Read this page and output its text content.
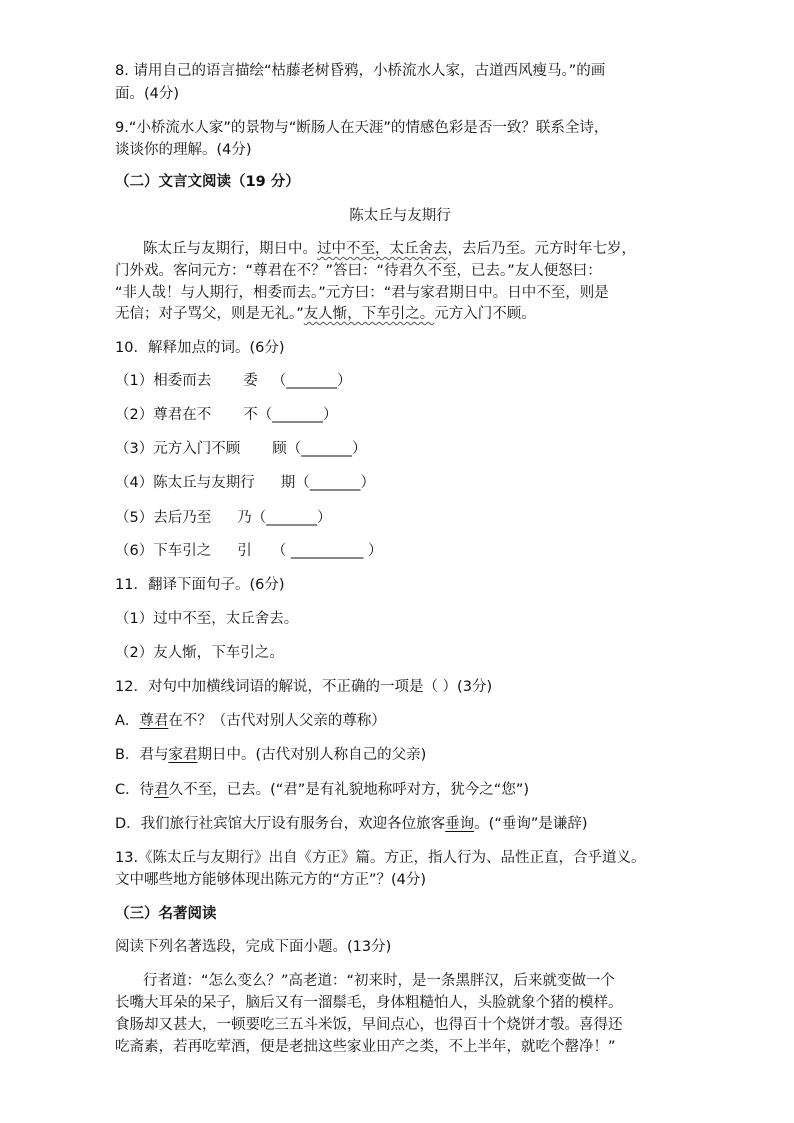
8. 请用自己的语言描绘“枯藤老树昏鸦，小桥流水人家，古道西风瘦马。”的画
面。(4分)
9.“小桥流水人家”的景物与“断肠人在天涯”的情感色彩是否一致？联系全诗，
谈谈你的理解。(4分)
（二）文言文阅读（19 分）
陈太丘与友期行
陈太丘与友期行，期日中。过中不至，太丘舍去，去后乃至。元方时年七岁，
门外戏。客问元方：“尊君在不？”答曰：“待君久不至，已去。”友人便怒曰：
“非人哉！与人期行，相委而去。”元方曰：“君与家君期日中。日中不至，则是
无信；对子骂父，则是无礼。”友人惭，下车引之。元方入门不顾。
10．解释加点的词。(6分)
（1）相委而去 委 （_______）
（2）尊君在不 不（_______）
（3）元方入门不顾 顾（_______）
（4）陈太丘与友期行 期（_______）
（5）去后乃至 乃（_______）
（6）下车引之 引 （ __________ ）
11．翻译下面句子。(6分)
（1）过中不至，太丘舍去。
（2）友人惭，下车引之。
12．对句中加横线词语的解说，不正确的一项是（ ）(3分)
A．尊君在不？（古代对别人父亲的尊称）
B．君与家君期日中。(古代对别人称自己的父亲)
C．待君久不至，已去。(“君”是有礼貌地称呼对方，犹今之“您”)
D．我们旅行社宾馆大厅设有服务台，欢迎各位旅客垂询。(“垂询”是谦辞)
13.《陈太丘与友期行》出自《方正》篇。方正，指人行为、品性正直，合乎道义。
文中哪些地方能够体现出陈元方的“方正”？(4分)
（三）名著阅读
阅读下列名著选段，完成下面小题。(13分)
行者道：“怎么变么？”高老道：“初来时，是一条黑胖汉，后来就变做一个
长嘴大耳朵的呆子，脑后又有一溜鬃毛，身体粗糙怕人，头脸就象个猪的模样。
食肠却又甚大，一顿要吃三五斗米饭，早间点心，也得百十个烧饼才彀。喜得还
吃斋素，若再吃荤酒，便是老拙这些家业田产之类，不上半年，就吃个罄净！”
